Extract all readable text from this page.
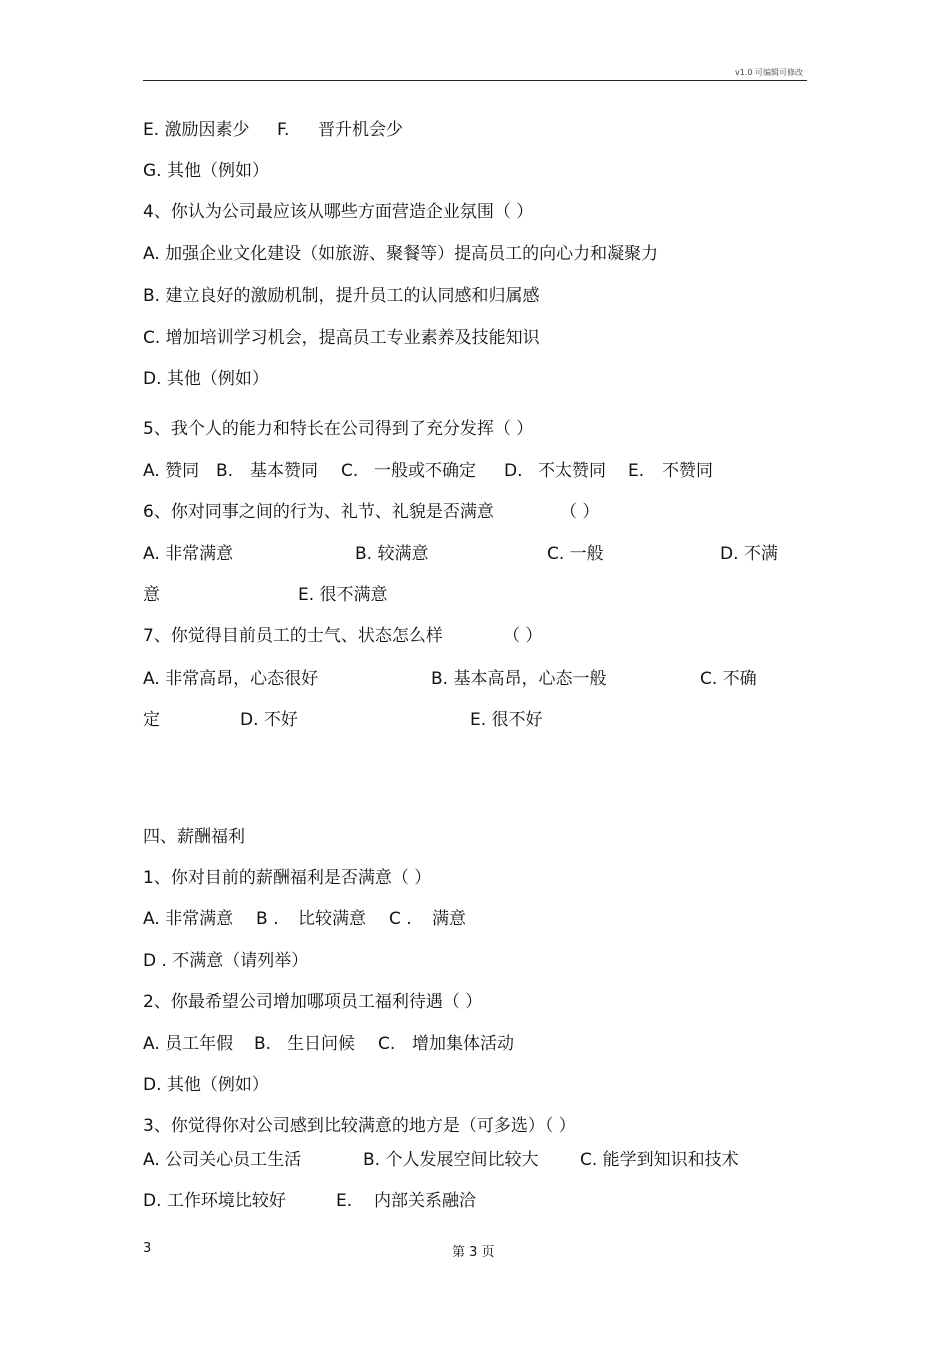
v1.0 可编辑可修改
E. 激励因素少 F. 晋升机会少
G. 其他（例如）
4、你认为公司最应该从哪些方面营造企业氛围（ ）
A. 加强企业文化建设（如旅游、聚餐等）提高员工的向心力和凝聚力
B. 建立良好的激励机制，提升员工的认同感和归属感
C. 增加培训学习机会，提高员工专业素养及技能知识
D. 其他（例如）
5、我个人的能力和特长在公司得到了充分发挥（ ）
A. 赞同 B. 基本赞同 C. 一般或不确定 D. 不太赞同 E. 不赞同
6、你对同事之间的行为、礼节、礼貌是否满意	（ ）
A. 非常满意	B. 较满意	C. 一般	D. 不满
意	E. 很不满意
7、你觉得目前员工的士气、状态怎么样	（ ）
A. 非常高昂，心态很好	B. 基本高昂，心态一般	C. 不确
定	D. 不好	E. 很不好
四、薪酬福利
1、你对目前的薪酬福利是否满意（ ）
A. 非常满意 B . 比较满意 C . 满意
D . 不满意（请列举）
2、你最希望公司增加哪项员工福利待遇（ ）
A. 员工年假 B. 生日问候 C. 增加集体活动
D. 其他（例如）
3、你觉得你对公司感到比较满意的地方是（可多选）（ ）
A. 公司关心员工生活	B. 个人发展空间比较大 C. 能学到知识和技术
D. 工作环境比较好	E. 内部关系融洽
3	第 3 页
